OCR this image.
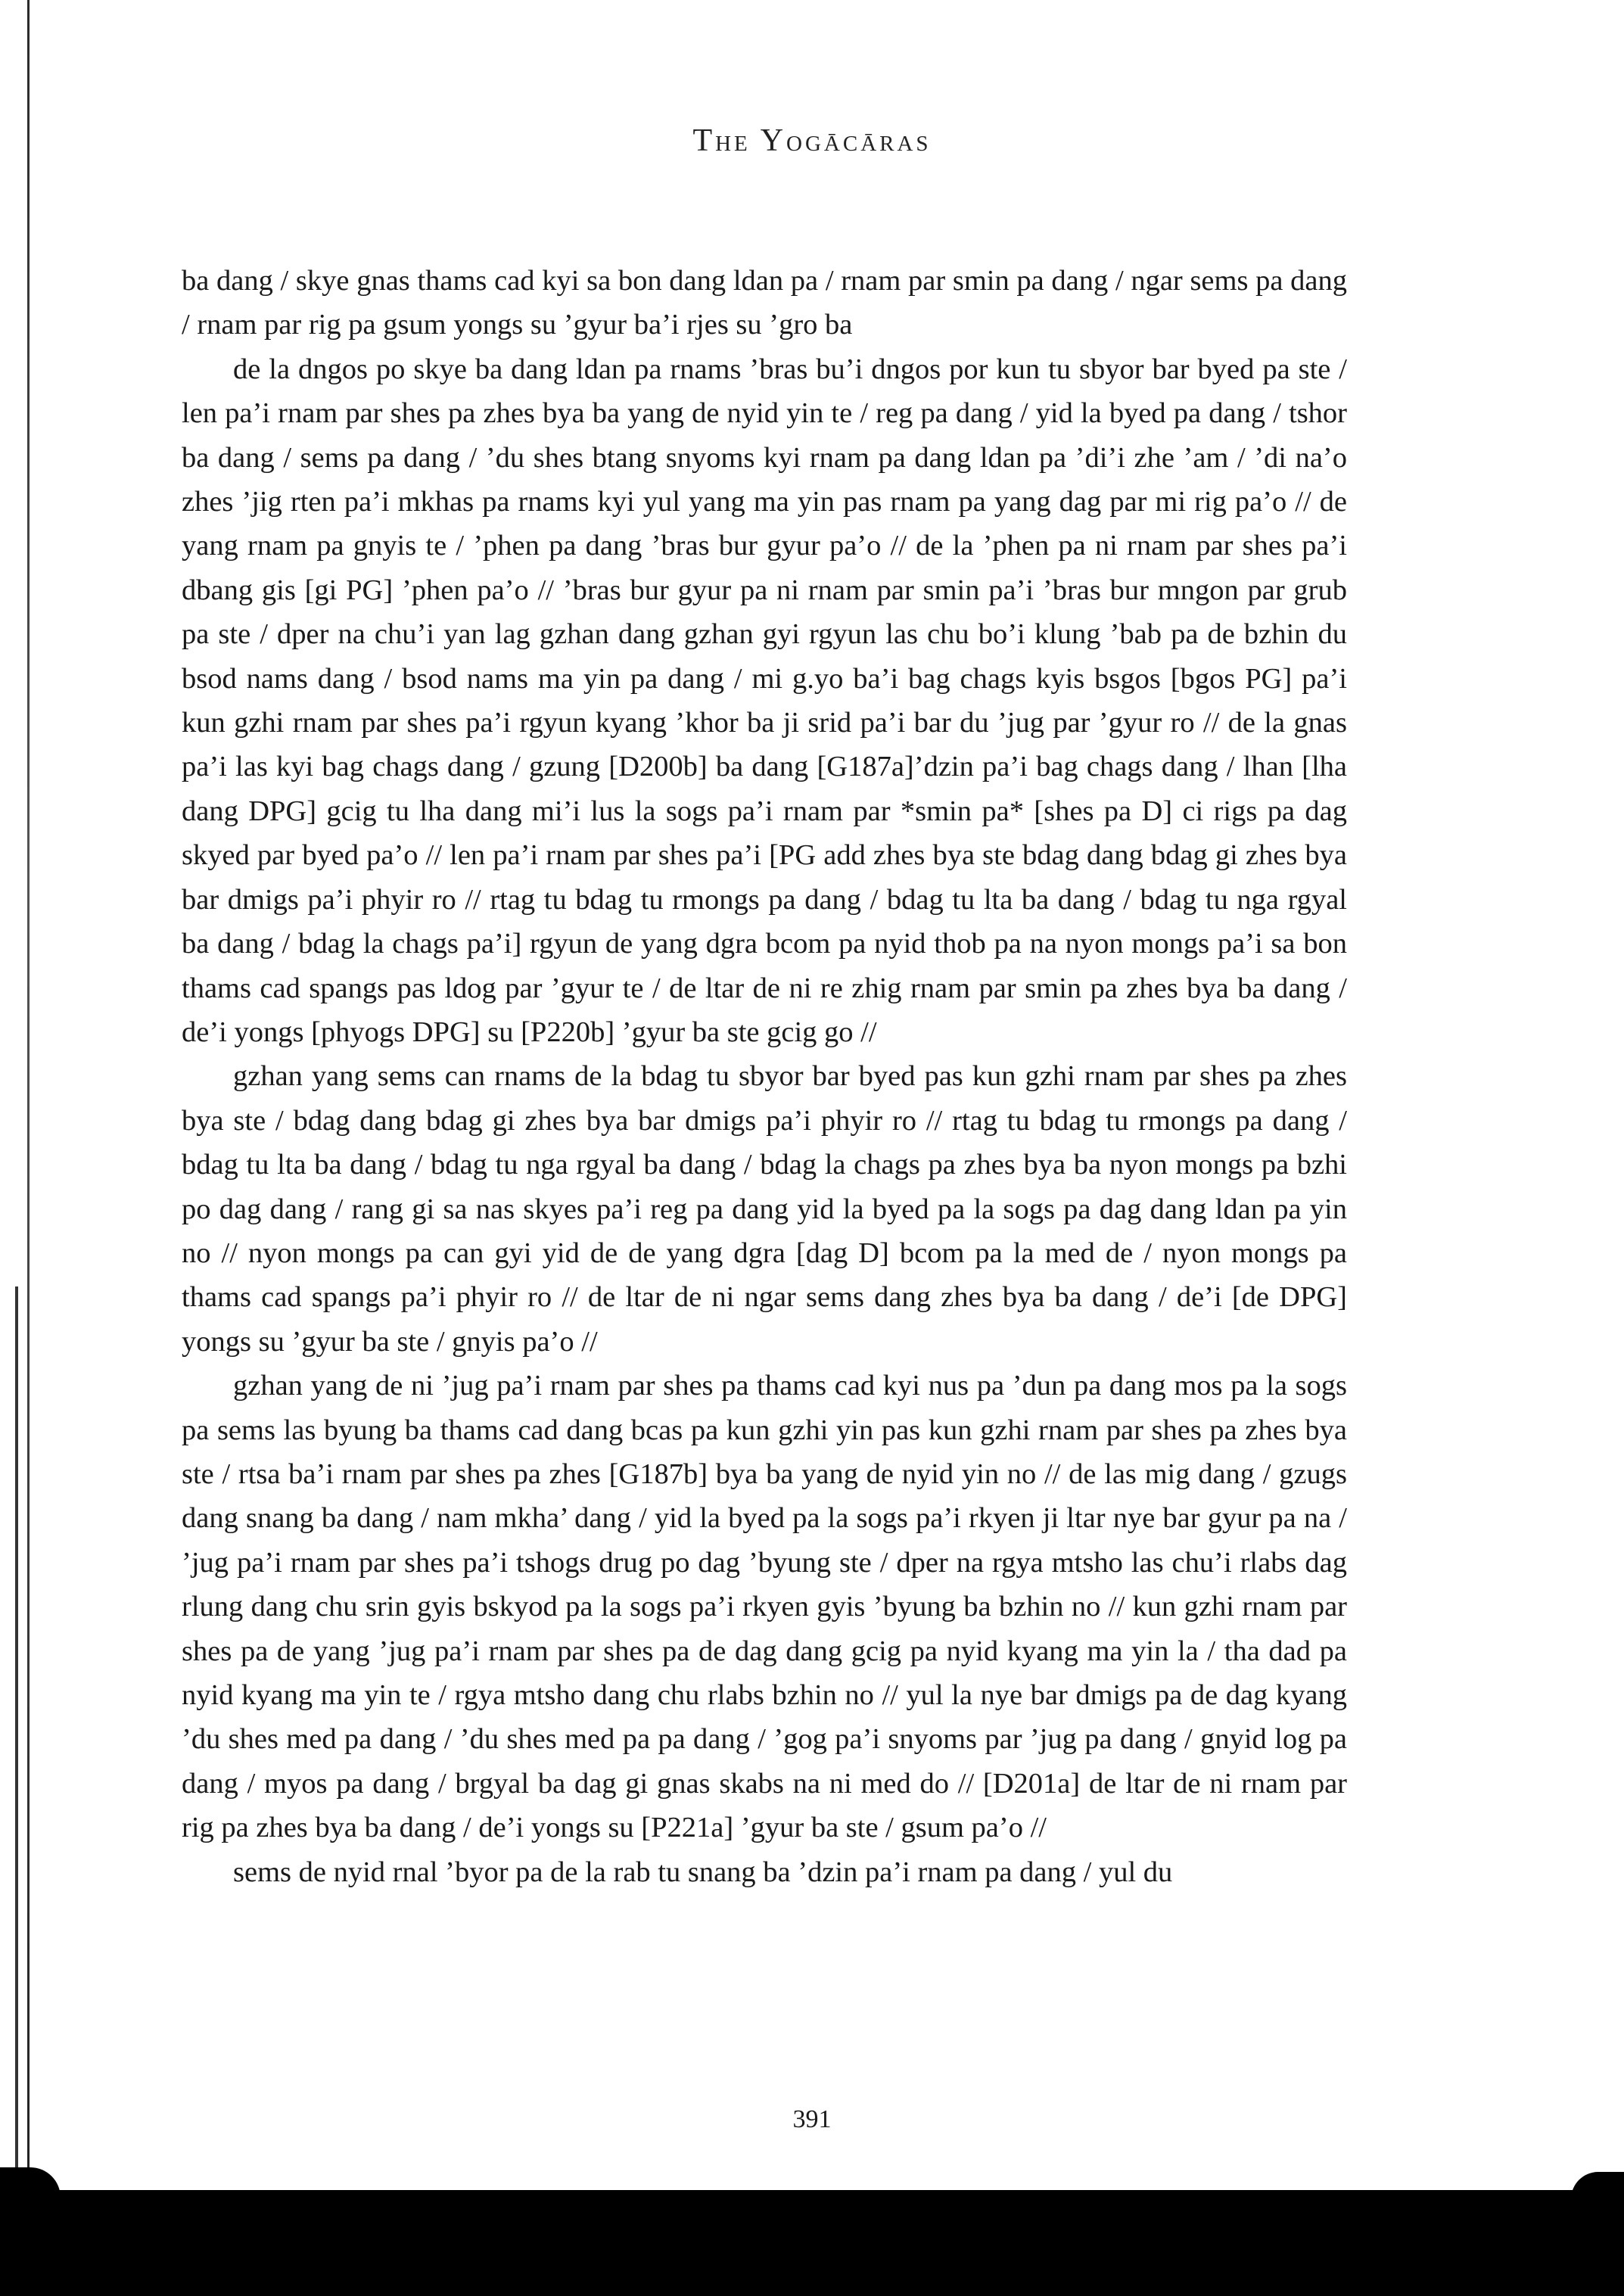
The Yogācāras

ba dang / skye gnas thams cad kyi sa bon dang ldan pa / rnam par smin pa dang / ngar sems pa dang / rnam par rig pa gsum yongs su ’gyur ba’i rjes su ’gro ba

de la dngos po skye ba dang ldan pa rnams ’bras bu’i dngos por kun tu sbyor bar byed pa ste / len pa’i rnam par shes pa zhes bya ba yang de nyid yin te / reg pa dang / yid la byed pa dang / tshor ba dang / sems pa dang / ’du shes btang snyoms kyi rnam pa dang ldan pa ’di’i zhe ’am / ’di na’o zhes ’jig rten pa’i mkhas pa rnams kyi yul yang ma yin pas rnam pa yang dag par mi rig pa’o // de yang rnam pa gnyis te / ’phen pa dang ’bras bur gyur pa’o // de la ’phen pa ni rnam par shes pa’i dbang gis [gi PG] ’phen pa’o // ’bras bur gyur pa ni rnam par smin pa’i ’bras bur mngon par grub pa ste / dper na chu’i yan lag gzhan dang gzhan gyi rgyun las chu bo’i klung ’bab pa de bzhin du bsod nams dang / bsod nams ma yin pa dang / mi g.yo ba’i bag chags kyis bsgos [bgos PG] pa’i kun gzhi rnam par shes pa’i rgyun kyang ’khor ba ji srid pa’i bar du ’jug par ’gyur ro // de la gnas pa’i las kyi bag chags dang / gzung [D200b] ba dang [G187a]’dzin pa’i bag chags dang / lhan [lha dang DPG] gcig tu lha dang mi’i lus la sogs pa’i rnam par *smin pa* [shes pa D] ci rigs pa dag skyed par byed pa’o // len pa’i rnam par shes pa’i [PG add zhes bya ste bdag dang bdag gi zhes bya bar dmigs pa’i phyir ro // rtag tu bdag tu rmongs pa dang / bdag tu lta ba dang / bdag tu nga rgyal ba dang / bdag la chags pa’i] rgyun de yang dgra bcom pa nyid thob pa na nyon mongs pa’i sa bon thams cad spangs pas ldog par ’gyur te / de ltar de ni re zhig rnam par smin pa zhes bya ba dang / de’i yongs [phyogs DPG] su [P220b] ’gyur ba ste gcig go //

gzhan yang sems can rnams de la bdag tu sbyor bar byed pas kun gzhi rnam par shes pa zhes bya ste / bdag dang bdag gi zhes bya bar dmigs pa’i phyir ro // rtag tu bdag tu rmongs pa dang / bdag tu lta ba dang / bdag tu nga rgyal ba dang / bdag la chags pa zhes bya ba nyon mongs pa bzhi po dag dang / rang gi sa nas skyes pa’i reg pa dang yid la byed pa la sogs pa dag dang ldan pa yin no // nyon mongs pa can gyi yid de de yang dgra [dag D] bcom pa la med de / nyon mongs pa thams cad spangs pa’i phyir ro // de ltar de ni ngar sems dang zhes bya ba dang / de’i [de DPG] yongs su ’gyur ba ste / gnyis pa’o //

gzhan yang de ni ’jug pa’i rnam par shes pa thams cad kyi nus pa ’dun pa dang mos pa la sogs pa sems las byung ba thams cad dang bcas pa kun gzhi yin pas kun gzhi rnam par shes pa zhes bya ste / rtsa ba’i rnam par shes pa zhes [G187b] bya ba yang de nyid yin no // de las mig dang / gzugs dang snang ba dang / nam mkha’ dang / yid la byed pa la sogs pa’i rkyen ji ltar nye bar gyur pa na / ’jug pa’i rnam par shes pa’i tshogs drug po dag ’byung ste / dper na rgya mtsho las chu’i rlabs dag rlung dang chu srin gyis bskyod pa la sogs pa’i rkyen gyis ’byung ba bzhin no // kun gzhi rnam par shes pa de yang ’jug pa’i rnam par shes pa de dag dang gcig pa nyid kyang ma yin la / tha dad pa nyid kyang ma yin te / rgya mtsho dang chu rlabs bzhin no // yul la nye bar dmigs pa de dag kyang ’du shes med pa dang / ’du shes med pa pa dang / ’gog pa’i snyoms par ’jug pa dang / gnyid log pa dang / myos pa dang / brgyal ba dag gi gnas skabs na ni med do // [D201a] de ltar de ni rnam par rig pa zhes bya ba dang / de’i yongs su [P221a] ’gyur ba ste / gsum pa’o //

sems de nyid rnal ’byor pa de la rab tu snang ba ’dzin pa’i rnam pa dang / yul du

391
